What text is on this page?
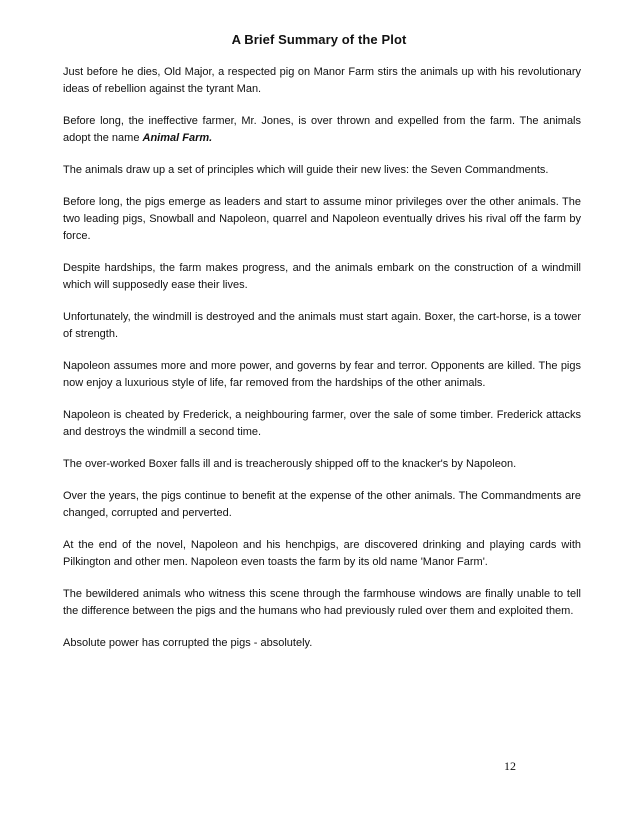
A Brief Summary of the Plot

Just before he dies, Old Major, a respected pig on Manor Farm stirs the animals up with his revolutionary ideas of rebellion against the tyrant Man.

Before long, the ineffective farmer, Mr. Jones, is over thrown and expelled from the farm. The animals adopt the name Animal Farm.

The animals draw up a set of principles which will guide their new lives: the Seven Commandments.

Before long, the pigs emerge as leaders and start to assume minor privileges over the other animals. The two leading pigs, Snowball and Napoleon, quarrel and Napoleon eventually drives his rival off the farm by force.

Despite hardships, the farm makes progress, and the animals embark on the construction of a windmill which will supposedly ease their lives.

Unfortunately, the windmill is destroyed and the animals must start again. Boxer, the cart-horse, is a tower of strength.

Napoleon assumes more and more power, and governs by fear and terror. Opponents are killed. The pigs now enjoy a luxurious style of life, far removed from the hardships of the other animals.

Napoleon is cheated by Frederick, a neighbouring farmer, over the sale of some timber. Frederick attacks and destroys the windmill a second time.

The over-worked Boxer falls ill and is treacherously shipped off to the knacker's by Napoleon.

Over the years, the pigs continue to benefit at the expense of the other animals. The Commandments are changed, corrupted and perverted.

At the end of the novel, Napoleon and his henchpigs, are discovered drinking and playing cards with Pilkington and other men. Napoleon even toasts the farm by its old name 'Manor Farm'.

The bewildered animals who witness this scene through the farmhouse windows are finally unable to tell the difference between the pigs and the humans who had previously ruled over them and exploited them.

Absolute power has corrupted the pigs - absolutely.

12
